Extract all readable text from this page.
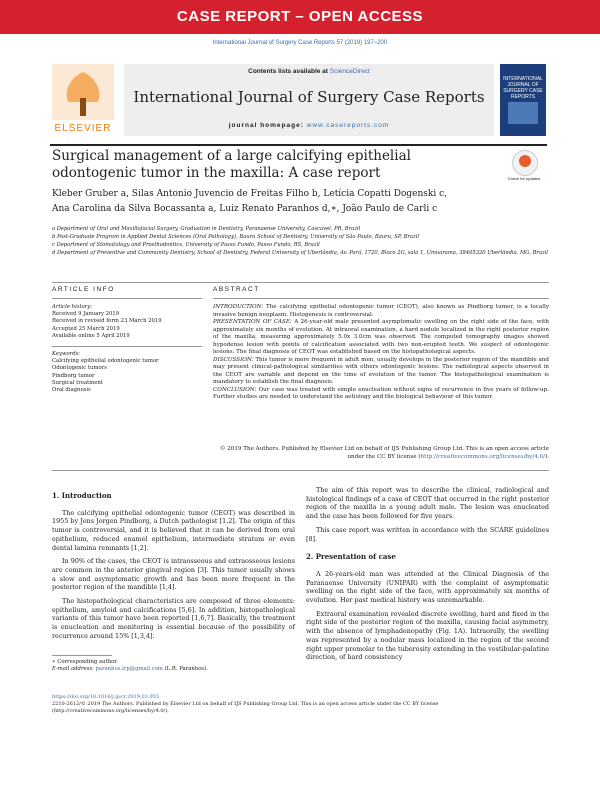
CASE REPORT – OPEN ACCESS
International Journal of Surgery Case Reports 57 (2019) 197–200
ELSEVIER
Contents lists available at ScienceDirect
International Journal of Surgery Case Reports
journal homepage: www.casereports.com
INTERNATIONAL JOURNAL OF SURGERY CASE REPORTS
Surgical management of a large calcifying epithelial odontogenic tumor in the maxilla: A case report	Check for updates
Kleber Gruber a, Silas Antonio Juvencio de Freitas Filho b, Letícia Copatti Dogenski c,
Ana Carolina da Silva Bocassanta a, Luiz Renato Paranhos d,∗, João Paulo de Carli c
a Department of Oral and Maxillofacial Surgery, Graduation in Dentistry, Paranaense University, Cascavel, PR, Brazil
b Post-Graduate Program in Applied Dental Sciences (Oral Pathology), Bauru School of Dentistry, University of São Paulo, Bauru, SP, Brazil
c Department of Stomatology and Prosthodontics, University of Passo Fundo, Passo Fundo, RS, Brazil
d Department of Preventive and Community Dentistry, School of Dentistry, Federal University of Uberlândia, Av. Pará, 1720, Bloco 2G, sala 1, Umuarama, 38405320 Uberlândia, MG, Brazil
ARTICLE INFO	ABSTRACT
Article history:
Received 9 January 2019
Received in revised form 23 March 2019
Accepted 25 March 2019
Available online 5 April 2019
Keywords:
Calcifying epithelial odontogenic tumor
Odontogenic tumors
Pindborg tumor
Surgical treatment
Oral diagnosis
INTRODUCTION: The calcifying epithelial odontogenic tumor (CEOT), also known as Pindborg tumor, is a locally invasive benign neoplasm. Histogenesis is controversial.
PRESENTATION OF CASE: A 26-year-old male presented asymptomatic swelling on the right side of the face, with approximately six months of evolution. At intraoral examination, a hard nodule localized in the right posterior region of the maxilla, measuring approximately 5.0x 3.0cm was observed. The computed tomography images showed hypodense lesion with points of calcification associated with two non-erupted teeth. We suspect of odontogenic lesions. The final diagnosis of CEOT was established based on the histopathological aspects.
DISCUSSION: This tumor is more frequent in adult men, usually develops in the posterior region of the mandible and may present clinical-pathological similarities with others odontogenic lesions. The radiological aspects observed in the CEOT are variable and depend on the time of evolution of the tumor. The histopathological examination is mandatory to establish the final diagnosis.
CONCLUSION: Our case was treated with simple enucleation without signs of recurrence in five years of follow-up. Further studies are needed to understand the aetiology and the biological behaviour of this tumor.
© 2019 The Authors. Published by Elsevier Ltd on behalf of IJS Publishing Group Ltd. This is an open access article under the CC BY license (http://creativecommons.org/licenses/by/4.0/).
1. Introduction

The calcifying epithelial odontogenic tumor (CEOT) was described in 1955 by Jens Jorgen Pindborg, a Dutch pathologist [1,2]. The origin of this tumor is controversial, and it is believed that it can be derived from oral epithelium, reduced enamel epithelium, intermediate stratum or even dental lamina remnants [1,2].

In 90% of the cases, the CEOT is intraosseous and extraosseous lesions are common in the anterior gingival region [3]. This tumor usually shows a slow and asymptomatic growth and has been more frequent in the posterior region of the mandible [1,4].

The histopathological characteristics are composed of three elements: epithelium, amyloid and calcifications [5,6]. In addition, histopathological variants of this tumor have been reported [1,6,7]. Basically, the treatment is enucleation and monitoring is essential because of the possibility of recurrence around 15% [1,3,4].

The aim of this report was to describe the clinical, radiological and histological findings of a case of CEOT that occurred in the right posterior region of the maxilla in a young adult male. The lesion was enucleated and the case has been followed for five years.

This case report was written in accordance with the SCARE guidelines [8].

2. Presentation of case

A 26-years-old man was attended at the Clinical Diagnosis of the Paranaense University (UNIPAR) with the complaint of asymptomatic swelling on the right side of the face, with approximately six months of evolution. Her past medical history was unremarkable.

Extraoral examination revealed discrete swelling, hard and fixed in the right side of the posterior region of the maxilla, causing facial asymmetry, with the absence of lymphadenopathy (Fig. 1A). Intraorally, the swelling was represented by a nodular mass localized in the region of the second right upper premolar to the tuberosity extending in the vestibular-palatine direction, of hard consistency

∗ Corresponding author.
E-mail address: paranhos.lrp@gmail.com (L.R. Paranhos).
https://doi.org/10.1016/j.ijscr.2019.03.055
2210-2612/© 2019 The Authors. Published by Elsevier Ltd on behalf of IJS Publishing Group Ltd. This is an open access article under the CC BY license (http://creativecommons.org/licenses/by/4.0/).
